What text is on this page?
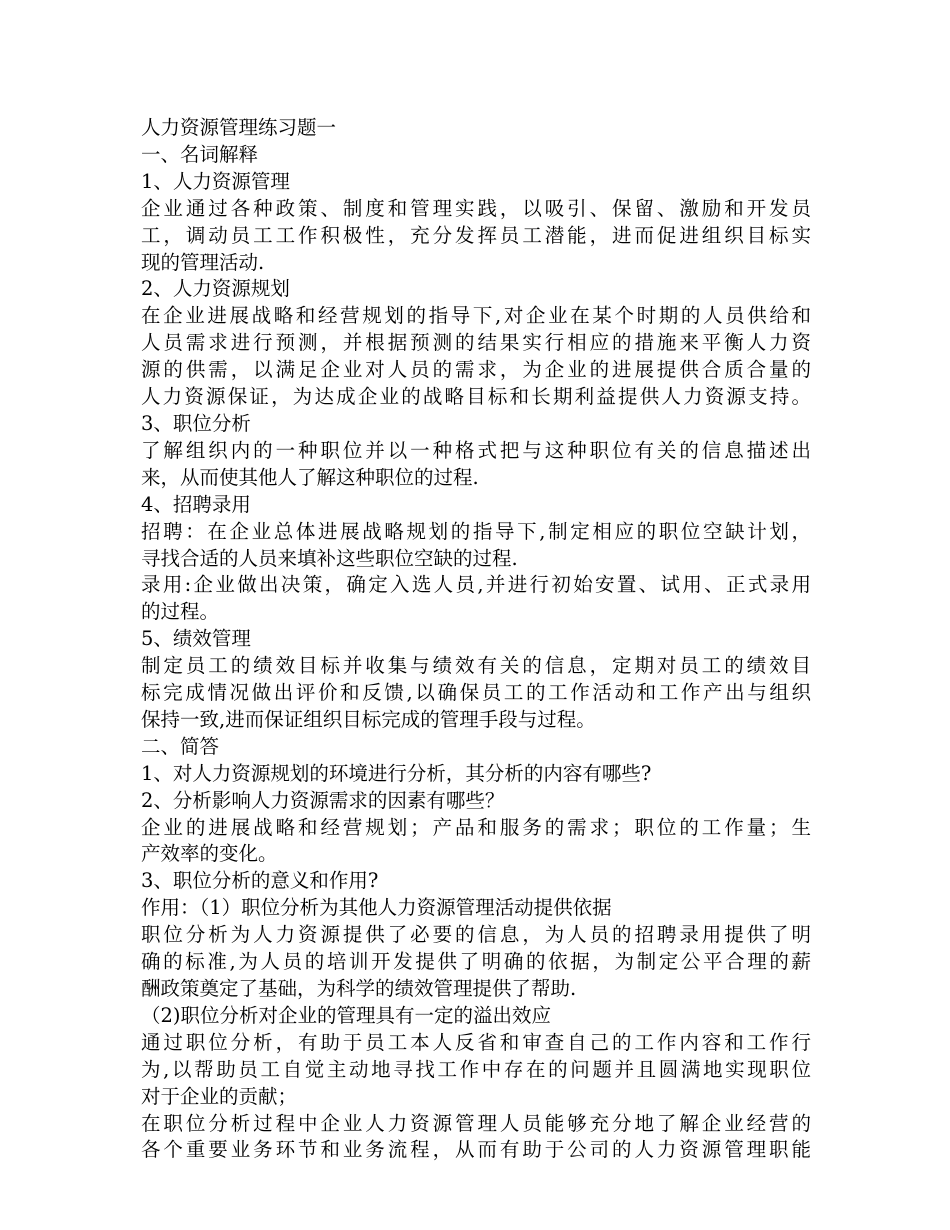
人力资源管理练习题一
一、名词解释
1、人力资源管理
企业通过各种政策、制度和管理实践，以吸引、保留、激励和开发员
工，调动员工工作积极性，充分发挥员工潜能，进而促进组织目标实
现的管理活动.
2、人力资源规划
在企业进展战略和经营规划的指导下,对企业在某个时期的人员供给和
人员需求进行预测，并根据预测的结果实行相应的措施来平衡人力资
源的供需，以满足企业对人员的需求，为企业的进展提供合质合量的
人力资源保证，为达成企业的战略目标和长期利益提供人力资源支持。
3、职位分析
了解组织内的一种职位并以一种格式把与这种职位有关的信息描述出
来，从而使其他人了解这种职位的过程.
4、招聘录用
招聘：在企业总体进展战略规划的指导下,制定相应的职位空缺计划，
寻找合适的人员来填补这些职位空缺的过程.
录用:企业做出决策，确定入选人员,并进行初始安置、试用、正式录用
的过程。
5、绩效管理
制定员工的绩效目标并收集与绩效有关的信息，定期对员工的绩效目
标完成情况做出评价和反馈,以确保员工的工作活动和工作产出与组织
保持一致,进而保证组织目标完成的管理手段与过程。
二、简答
1、对人力资源规划的环境进行分析，其分析的内容有哪些?
2、分析影响人力资源需求的因素有哪些？
企业的进展战略和经营规划；产品和服务的需求；职位的工作量；生
产效率的变化。
3、职位分析的意义和作用?
作用：（1）职位分析为其他人力资源管理活动提供依据
职位分析为人力资源提供了必要的信息，为人员的招聘录用提供了明
确的标准,为人员的培训开发提供了明确的依据，为制定公平合理的薪
酬政策奠定了基础，为科学的绩效管理提供了帮助.
（2)职位分析对企业的管理具有一定的溢出效应
通过职位分析，有助于员工本人反省和审查自己的工作内容和工作行
为,以帮助员工自觉主动地寻找工作中存在的问题并且圆满地实现职位
对于企业的贡献；
在职位分析过程中企业人力资源管理人员能够充分地了解企业经营的
各个重要业务环节和业务流程，从而有助于公司的人力资源管理职能
